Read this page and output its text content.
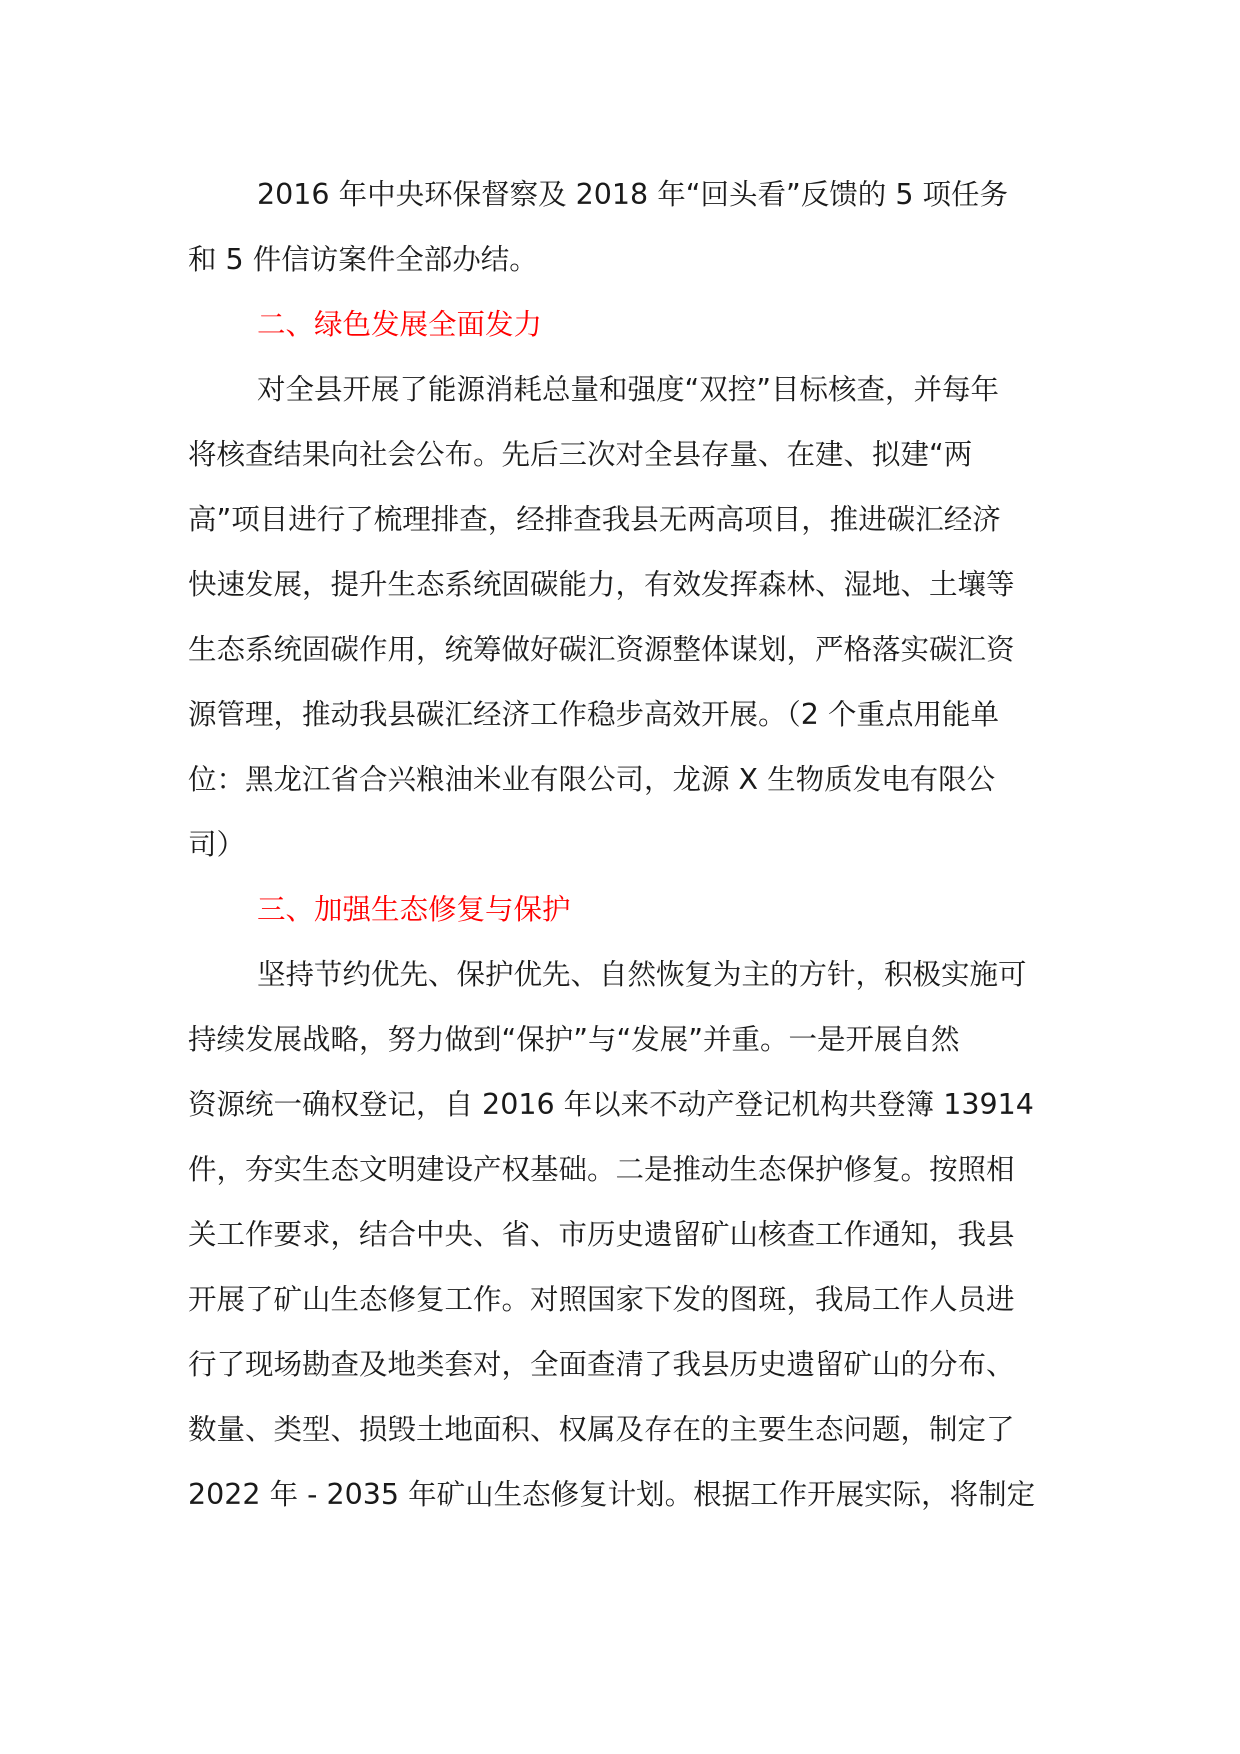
2016 年中央环保督察及 2018 年“回头看”反馈的 5 项任务
和 5 件信访案件全部办结。
二、绿色发展全面发力
对全县开展了能源消耗总量和强度“双控”目标核查，并每年
将核查结果向社会公布。先后三次对全县存量、在建、拟建“两
高”项目进行了梳理排查，经排查我县无两高项目，推进碳汇经济
快速发展，提升生态系统固碳能力，有效发挥森林、湿地、土壤等
生态系统固碳作用，统筹做好碳汇资源整体谋划，严格落实碳汇资
源管理，推动我县碳汇经济工作稳步高效开展。（2 个重点用能单
位：黑龙江省合兴粮油米业有限公司，龙源 X 生物质发电有限公
司）
三、加强生态修复与保护
坚持节约优先、保护优先、自然恢复为主的方针，积极实施可
持续发展战略，努力做到“保护”与“发展”并重。一是开展自然
资源统一确权登记，自 2016 年以来不动产登记机构共登簿 13914
件，夯实生态文明建设产权基础。二是推动生态保护修复。按照相
关工作要求，结合中央、省、市历史遗留矿山核查工作通知，我县
开展了矿山生态修复工作。对照国家下发的图斑，我局工作人员进
行了现场勘查及地类套对，全面查清了我县历史遗留矿山的分布、
数量、类型、损毁土地面积、权属及存在的主要生态问题，制定了
2022 年 - 2035 年矿山生态修复计划。根据工作开展实际，将制定
